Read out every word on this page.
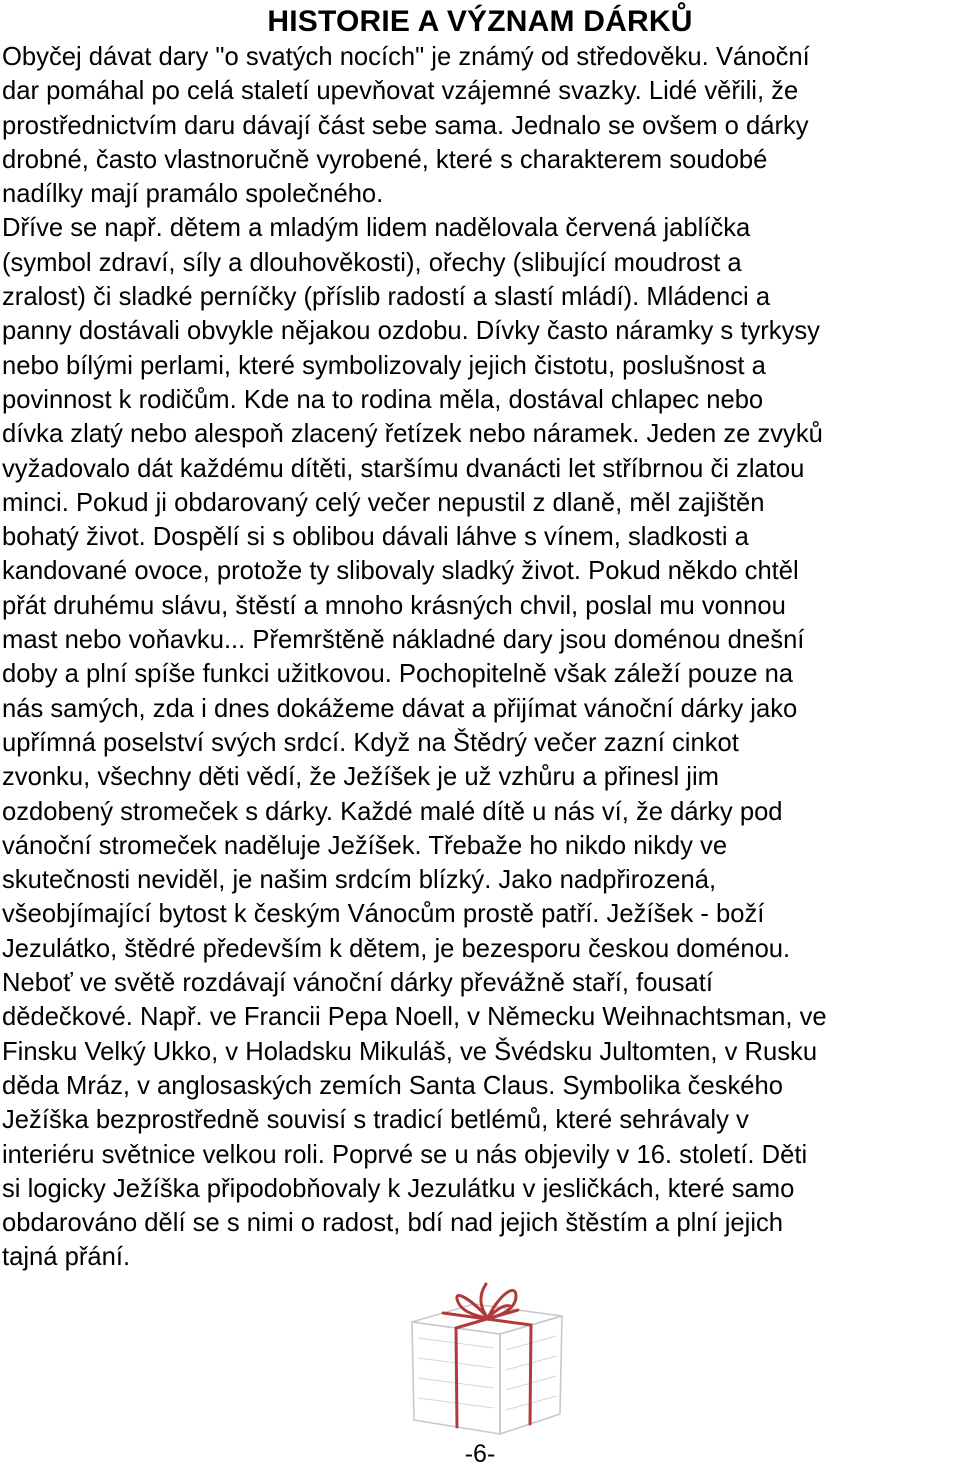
HISTORIE A VÝZNAM DÁRKŮ
Obyčej dávat dary "o svatých nocích" je známý od středověku. Vánoční
dar pomáhal po celá staletí upevňovat vzájemné svazky. Lidé věřili, že
prostřednictvím daru dávají část sebe sama. Jednalo se ovšem o dárky
drobné, často vlastnoručně vyrobené, které s charakterem soudobé
nadílky mají pramálo společného.
Dříve se např. dětem a mladým lidem nadělovala červená jablíčka
(symbol zdraví, síly a dlouhověkosti), ořechy (slibující moudrost a
zralost) či sladké perníčky (příslib radostí a slastí mládí). Mládenci a
panny dostávali obvykle nějakou ozdobu. Dívky často náramky s tyrkysy
nebo bílými perlami, které symbolizovaly jejich čistotu, poslušnost a
povinnost k rodičům. Kde na to rodina měla, dostával chlapec nebo
dívka zlatý nebo alespoň zlacený řetízek nebo náramek. Jeden ze zvyků
vyžadovalo dát každému dítěti, staršímu dvanácti let stříbrnou či zlatou
minci. Pokud ji obdarovaný celý večer nepustil z dlaně, měl zajištěn
bohatý život. Dospělí si s oblibou dávali láhve s vínem, sladkosti a
kandované ovoce, protože ty slibovaly sladký život. Pokud někdo chtěl
přát druhému slávu, štěstí a mnoho krásných chvil, poslal mu vonnou
mast nebo voňavku... Přemrštěně nákladné dary jsou doménou dnešní
doby a plní spíše funkci užitkovou. Pochopitelně však záleží pouze na
nás samých, zda i dnes dokážeme dávat a přijímat vánoční dárky jako
upřímná poselství svých srdcí. Když na Štědrý večer zazní cinkot
zvonku, všechny děti vědí, že Ježíšek je už vzhůru a přinesl jim
ozdobený stromeček s dárky. Každé malé dítě u nás ví, že dárky pod
vánoční stromeček naděluje Ježíšek. Třebaže ho nikdo nikdy ve
skutečnosti neviděl, je našim srdcím blízký. Jako nadpřirozená,
všeobjímající bytost k českým Vánocům prostě patří. Ježíšek - boží
Jezulátko, štědré především k dětem, je bezesporu českou doménou.
Neboť ve světě rozdávají vánoční dárky převážně staří, fousatí
dědečkové. Např. ve Francii Pepa Noell, v Německu Weihnachtsman, ve
Finsku Velký Ukko, v Holadsku Mikuláš, ve Švédsku Jultomten, v Rusku
děda Mráz, v anglosaských zemích Santa Claus. Symbolika českého
Ježíška bezprostředně souvisí s tradicí betlémů, které sehrávaly v
interiéru světnice velkou roli. Poprvé se u nás objevily v 16. století. Děti
si logicky Ježíška připodobňovaly k Jezulátku v jesličkách, které samo
obdarováno dělí se s nimi o radost, bdí nad jejich štěstím a plní jejich
tajná přání.
-6-
